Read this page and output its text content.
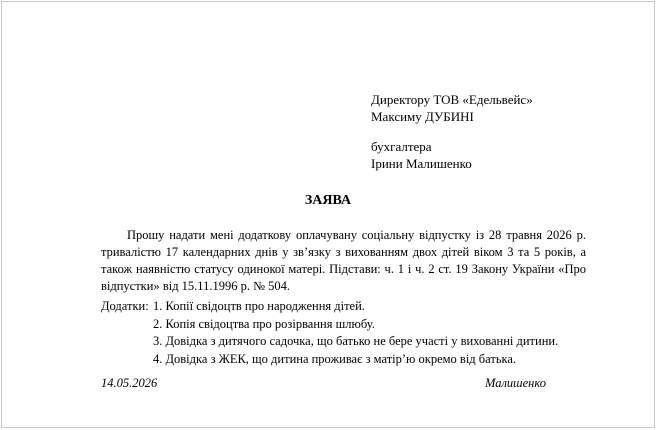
Директору ТОВ «Едельвейс»
Максиму ДУБИНІ
бухгалтера
Ірини Малишенко
ЗАЯВА
Прошу надати мені додаткову оплачувану соціальну відпустку із 28 травня 2026 р. тривалістю 17 календарних днів у зв’язку з вихованням двох дітей віком 3 та 5 років, а також наявністю статусу одинокої матері. Підстави: ч. 1 і ч. 2 ст. 19 Закону України «Про відпустки» від 15.11.1996 р. № 504.
Додатки: 1. Копії свідоцтв про народження дітей.
2. Копія свідоцтва про розірвання шлюбу.
3. Довідка з дитячого садочка, що батько не бере участі у вихованні дитини.
4. Довідка з ЖЕК, що дитина проживає з матір’ю окремо від батька.
14.05.2026	Малишенко
